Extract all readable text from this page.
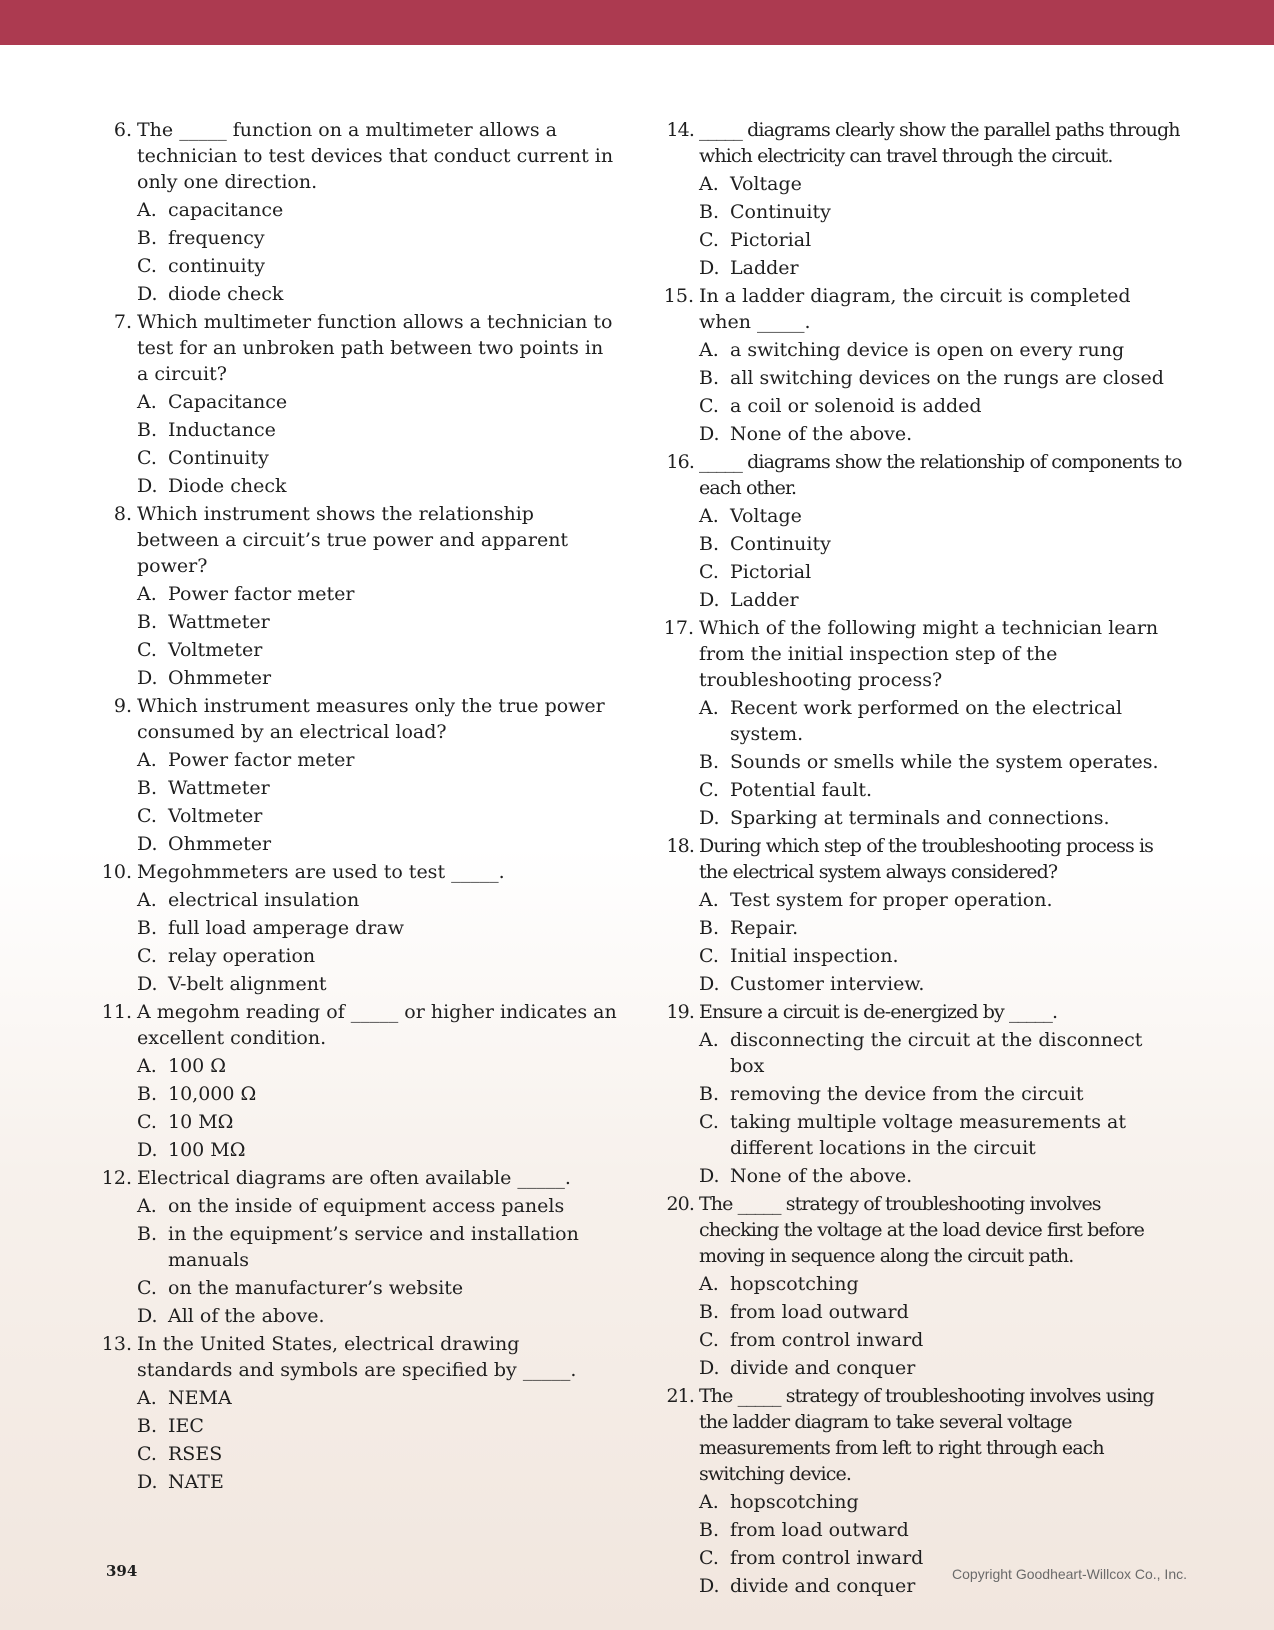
6. The _____ function on a multimeter allows a technician to test devices that conduct current in only one direction.
A. capacitance
B. frequency
C. continuity
D. diode check
7. Which multimeter function allows a technician to test for an unbroken path between two points in a circuit?
A. Capacitance
B. Inductance
C. Continuity
D. Diode check
8. Which instrument shows the relationship between a circuit’s true power and apparent power?
A. Power factor meter
B. Wattmeter
C. Voltmeter
D. Ohmmeter
9. Which instrument measures only the true power consumed by an electrical load?
A. Power factor meter
B. Wattmeter
C. Voltmeter
D. Ohmmeter
10. Megohmmeters are used to test _____.
A. electrical insulation
B. full load amperage draw
C. relay operation
D. V-belt alignment
11. A megohm reading of _____ or higher indicates an excellent condition.
A. 100 Ω
B. 10,000 Ω
C. 10 MΩ
D. 100 MΩ
12. Electrical diagrams are often available _____.
A. on the inside of equipment access panels
B. in the equipment’s service and installation manuals
C. on the manufacturer’s website
D. All of the above.
13. In the United States, electrical drawing standards and symbols are specified by _____.
A. NEMA
B. IEC
C. RSES
D. NATE
14. _____ diagrams clearly show the parallel paths through which electricity can travel through the circuit.
A. Voltage
B. Continuity
C. Pictorial
D. Ladder
15. In a ladder diagram, the circuit is completed when _____.
A. a switching device is open on every rung
B. all switching devices on the rungs are closed
C. a coil or solenoid is added
D. None of the above.
16. _____ diagrams show the relationship of components to each other.
A. Voltage
B. Continuity
C. Pictorial
D. Ladder
17. Which of the following might a technician learn from the initial inspection step of the troubleshooting process?
A. Recent work performed on the electrical system.
B. Sounds or smells while the system operates.
C. Potential fault.
D. Sparking at terminals and connections.
18. During which step of the troubleshooting process is the electrical system always considered?
A. Test system for proper operation.
B. Repair.
C. Initial inspection.
D. Customer interview.
19. Ensure a circuit is de-energized by _____.
A. disconnecting the circuit at the disconnect box
B. removing the device from the circuit
C. taking multiple voltage measurements at different locations in the circuit
D. None of the above.
20. The _____ strategy of troubleshooting involves checking the voltage at the load device first before moving in sequence along the circuit path.
A. hopscotching
B. from load outward
C. from control inward
D. divide and conquer
21. The _____ strategy of troubleshooting involves using the ladder diagram to take several voltage measurements from left to right through each switching device.
A. hopscotching
B. from load outward
C. from control inward
D. divide and conquer
394	Copyright Goodheart-Willcox Co., Inc.
